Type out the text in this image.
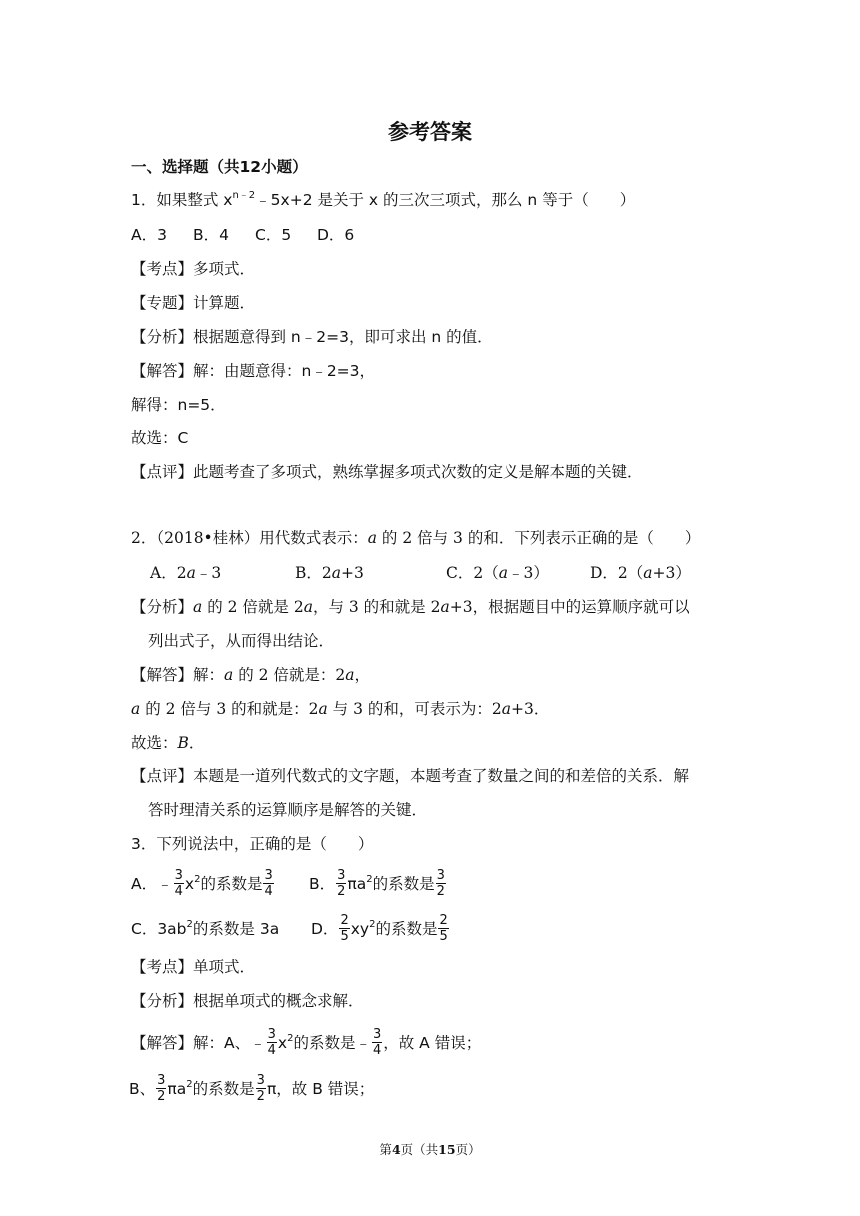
参考答案
一、选择题（共12小题）
1．如果整式 $x^{n﹣2}﹣5x+2$ 是关于 x 的三次三项式，那么 n 等于（　　）
A．3 B．4 C．5 D．6
【考点】多项式．
【专题】计算题．
【分析】根据题意得到 n﹣2=3，即可求出 n 的值．
【解答】解：由题意得：n﹣2=3，
解得：n=5．
故选：C
【点评】此题考查了多项式，熟练掌握多项式次数的定义是解本题的关键．
2．（2018•桂林）用代数式表示：a 的 2 倍与 3 的和．下列表示正确的是（　　）
A．2a﹣3	B．2a+3	C．2（a﹣3）	D．2（a+3）
【分析】a 的 2 倍就是 2a，与 3 的和就是 2a+3，根据题目中的运算顺序就可以
列出式子，从而得出结论．
【解答】解：a 的 2 倍就是：2a，
a 的 2 倍与 3 的和就是：2a 与 3 的和，可表示为：2a+3．
故选：B．
【点评】本题是一道列代数式的文字题，本题考查了数量之间的和差倍的关系．解
答时理清关系的运算顺序是解答的关键．
3．下列说法中，正确的是（　　）
A．﹣ $\frac{3}{4} x^2$的系数是 $\frac{3}{4}$ B． $\frac{3}{2} \pi a^2$的系数是 $\frac{3}{2}$
C．$3ab^2$的系数是 3a D． $\frac{2}{5} xy^2$的系数是 $\frac{2}{5}$
【考点】单项式．
【分析】根据单项式的概念求解．
【解答】解：A、﹣ $\frac{3}{4} x^2$的系数是﹣ $\frac{3}{4}$ ，故 A 错误；
B、 $\frac{3}{2} \pi a^2$的系数是 $\frac{3}{2}$ π，故 B 错误；
第4页（共15页）
